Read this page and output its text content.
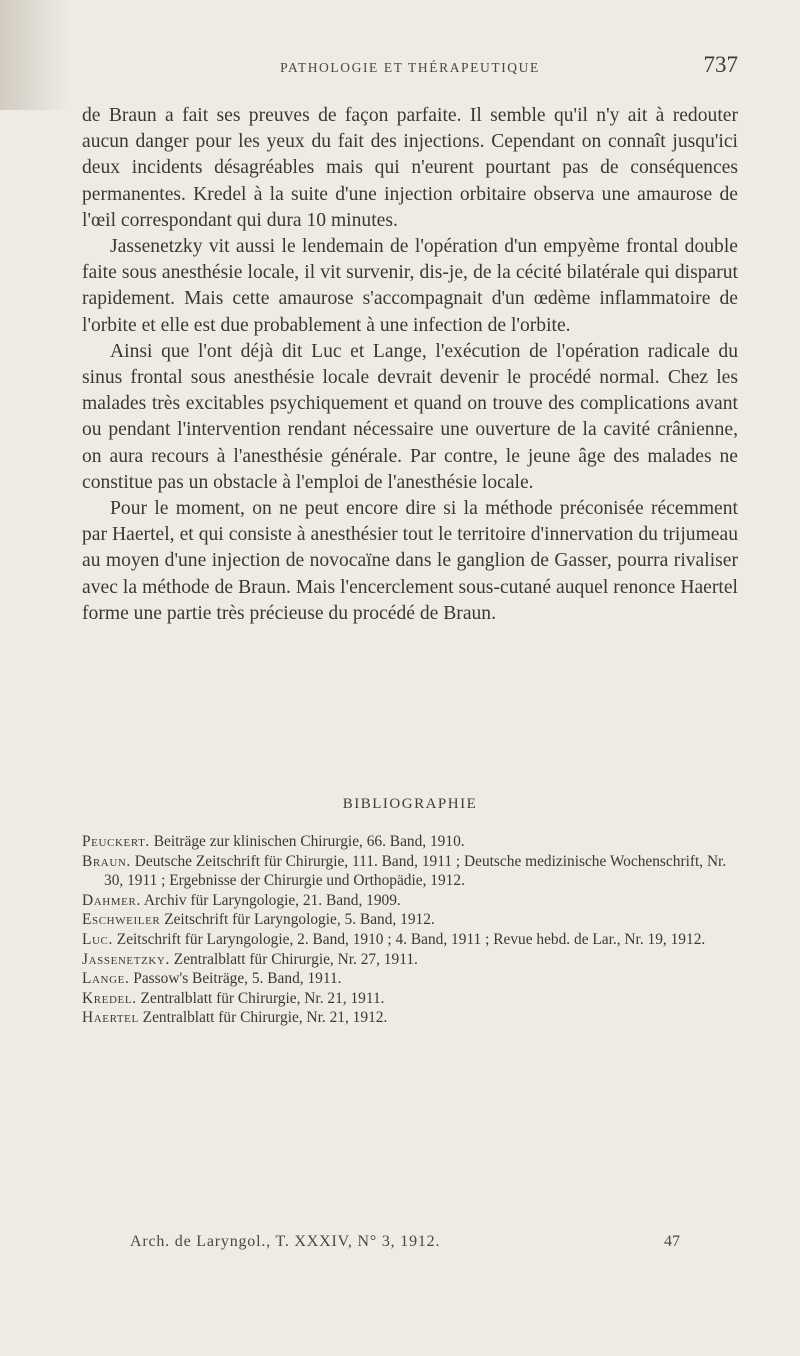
PATHOLOGIE ET THÉRAPEUTIQUE	737

de Braun a fait ses preuves de façon parfaite. Il semble qu'il n'y ait à redouter aucun danger pour les yeux du fait des injections. Cependant on connaît jusqu'ici deux incidents désagréables mais qui n'eurent pourtant pas de conséquences permanentes. Kredel à la suite d'une injection orbitaire observa une amaurose de l'œil correspondant qui dura 10 minutes.

Jassenetzky vit aussi le lendemain de l'opération d'un empyème frontal double faite sous anesthésie locale, il vit survenir, dis-je, de la cécité bilatérale qui disparut rapidement. Mais cette amaurose s'accompagnait d'un œdème inflammatoire de l'orbite et elle est due probablement à une infection de l'orbite.

Ainsi que l'ont déjà dit Luc et Lange, l'exécution de l'opération radicale du sinus frontal sous anesthésie locale devrait devenir le procédé normal. Chez les malades très excitables psychiquement et quand on trouve des complications avant ou pendant l'intervention rendant nécessaire une ouverture de la cavité crânienne, on aura recours à l'anesthésie générale. Par contre, le jeune âge des malades ne constitue pas un obstacle à l'emploi de l'anesthésie locale.

Pour le moment, on ne peut encore dire si la méthode préconisée récemment par Haertel, et qui consiste à anesthésier tout le territoire d'innervation du trijumeau au moyen d'une injection de novocaïne dans le ganglion de Gasser, pourra rivaliser avec la méthode de Braun. Mais l'encerclement sous-cutané auquel renonce Haertel forme une partie très précieuse du procédé de Braun.

BIBLIOGRAPHIE
Peuckert. Beiträge zur klinischen Chirurgie, 66. Band, 1910.
Braun. Deutsche Zeitschrift für Chirurgie, 111. Band, 1911 ; Deutsche medizinische Wochenschrift, Nr. 30, 1911 ; Ergebnisse der Chirurgie und Orthopädie, 1912.
Dahmer. Archiv für Laryngologie, 21. Band, 1909.
Eschweiler Zeitschrift für Laryngologie, 5. Band, 1912.
Luc. Zeitschrift für Laryngologie, 2. Band, 1910 ; 4. Band, 1911 ; Revue hebd. de Lar., Nr. 19, 1912.
Jassenetzky. Zentralblatt für Chirurgie, Nr. 27, 1911.
Lange. Passow's Beiträge, 5. Band, 1911.
Kredel. Zentralblatt für Chirurgie, Nr. 21, 1911.
Haertel Zentralblatt für Chirurgie, Nr. 21, 1912.
Arch. de Laryngol., T. XXXIV, N° 3, 1912.	47
